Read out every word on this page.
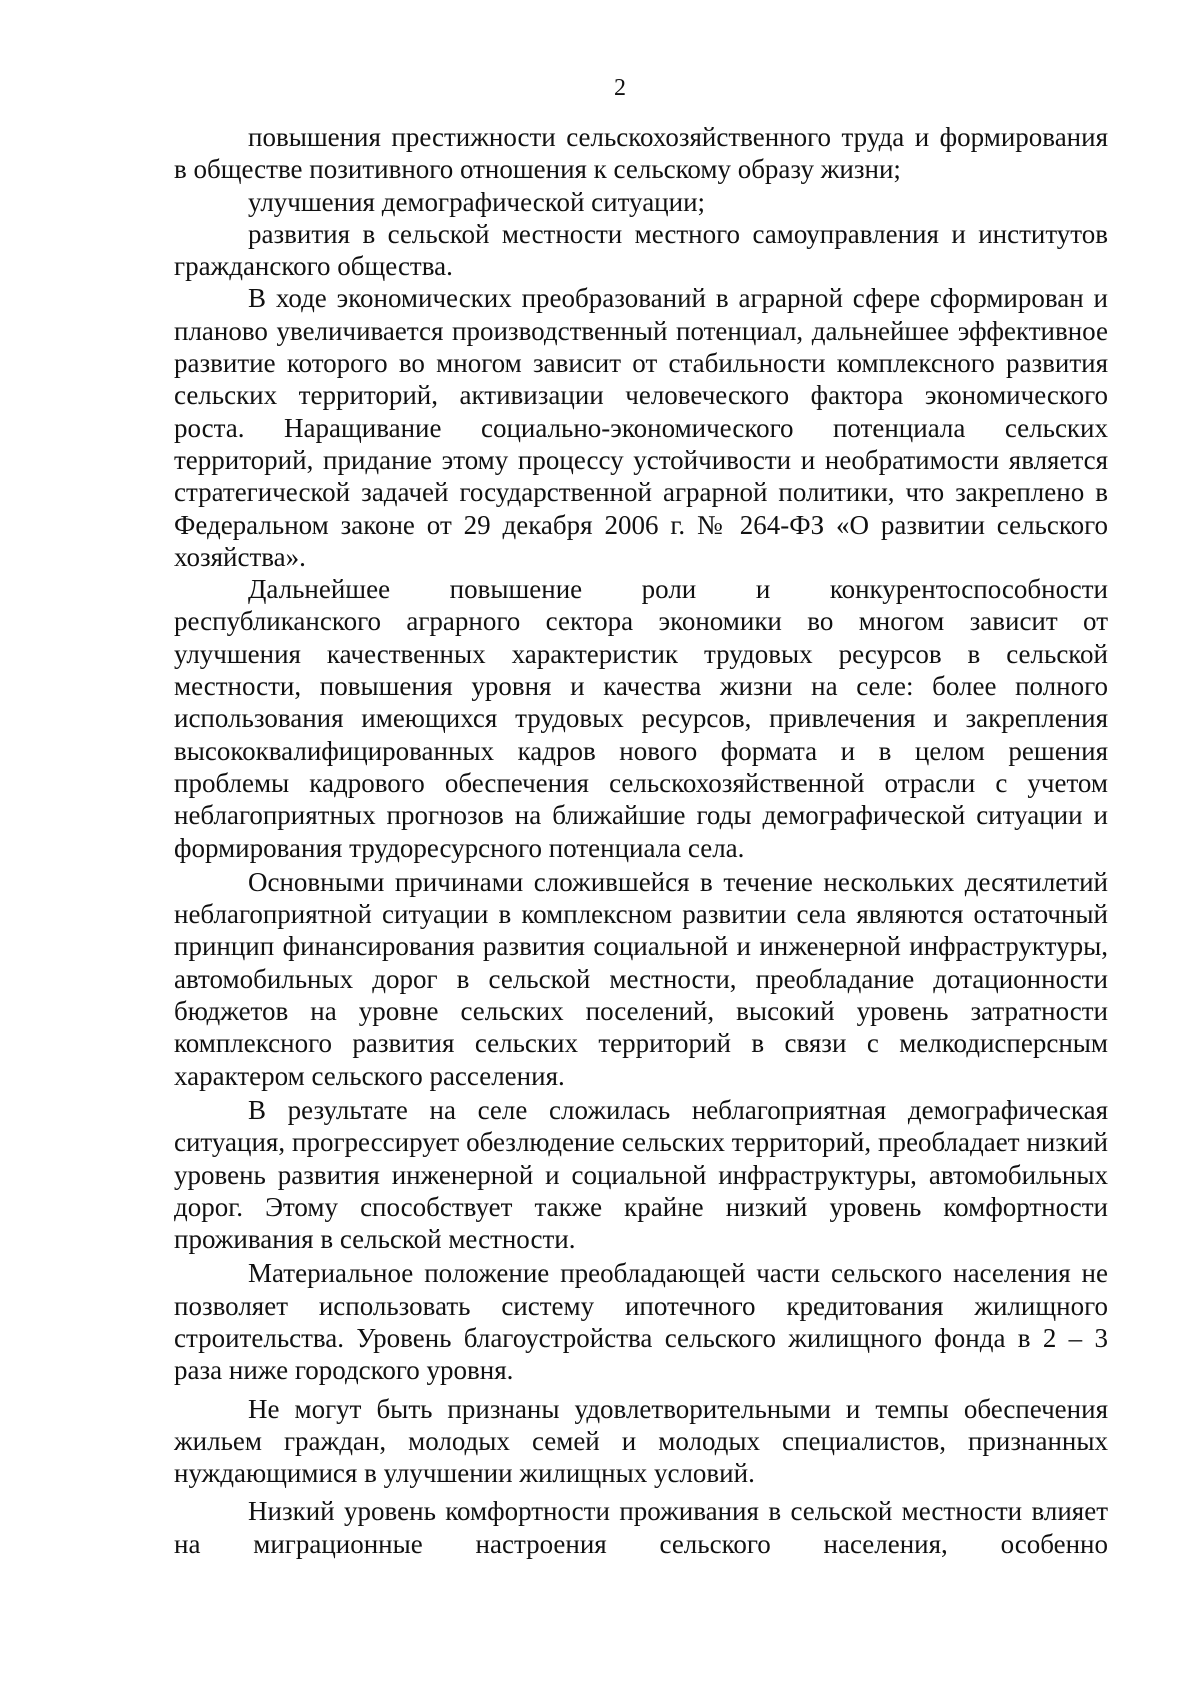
2

повышения престижности сельскохозяйственного труда и формирования в обществе позитивного отношения к сельскому образу жизни;

улучшения демографической ситуации;

развития в сельской местности местного самоуправления и институтов гражданского общества.

В ходе экономических преобразований в аграрной сфере сформирован и планово увеличивается производственный потенциал, дальнейшее эффективное развитие которого во многом зависит от стабильности комплексного развития сельских территорий, активизации человеческого фактора экономического роста. Наращивание социально-экономического потенциала сельских территорий, придание этому процессу устойчивости и необратимости является стратегической задачей государственной аграрной политики, что закреплено в Федеральном законе от 29 декабря 2006 г. № 264-ФЗ «О развитии сельского хозяйства».

Дальнейшее повышение роли и конкурентоспособности республиканского аграрного сектора экономики во многом зависит от улучшения качественных характеристик трудовых ресурсов в сельской местности, повышения уровня и качества жизни на селе: более полного использования имеющихся трудовых ресурсов, привлечения и закрепления высококвалифицированных кадров нового формата и в целом решения проблемы кадрового обеспечения сельскохозяйственной отрасли с учетом неблагоприятных прогнозов на ближайшие годы демографической ситуации и формирования трудоресурсного потенциала села.

Основными причинами сложившейся в течение нескольких десятилетий неблагоприятной ситуации в комплексном развитии села являются остаточный принцип финансирования развития социальной и инженерной инфраструктуры, автомобильных дорог в сельской местности, преобладание дотационности бюджетов на уровне сельских поселений, высокий уровень затратности комплексного развития сельских территорий в связи с мелкодисперсным характером сельского расселения.

В результате на селе сложилась неблагоприятная демографическая ситуация, прогрессирует обезлюдение сельских территорий, преобладает низкий уровень развития инженерной и социальной инфраструктуры, автомобильных дорог. Этому способствует также крайне низкий уровень комфортности проживания в сельской местности.

Материальное положение преобладающей части сельского населения не позволяет использовать систему ипотечного кредитования жилищного строительства. Уровень благоустройства сельского жилищного фонда в 2 – 3 раза ниже городского уровня.

Не могут быть признаны удовлетворительными и темпы обеспечения жильем граждан, молодых семей и молодых специалистов, признанных нуждающимися в улучшении жилищных условий.

Низкий уровень комфортности проживания в сельской местности влияет на миграционные настроения сельского населения, особенно
